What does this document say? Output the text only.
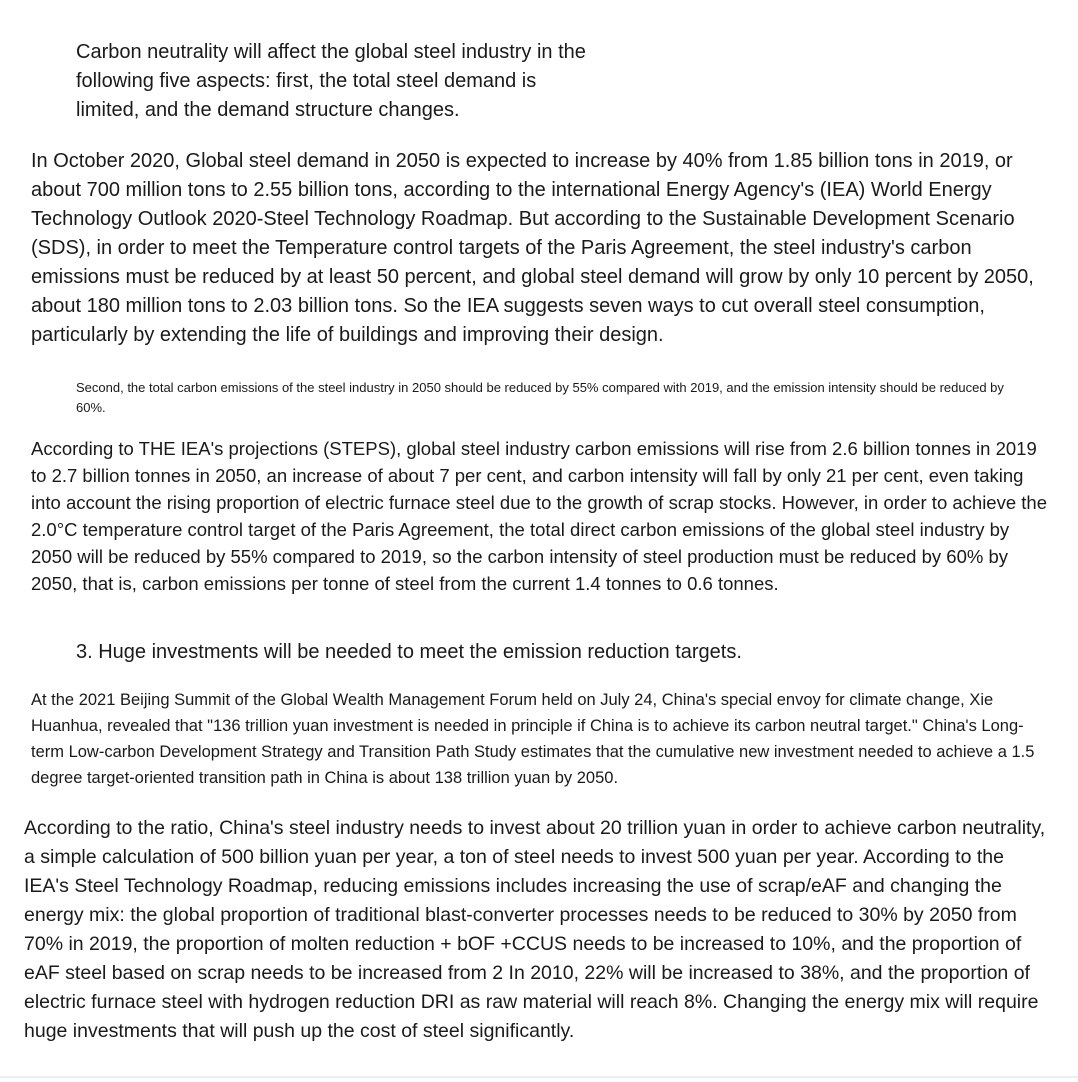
Carbon neutrality will affect the global steel industry in the following five aspects: first, the total steel demand is limited, and the demand structure changes.

In October 2020, Global steel demand in 2050 is expected to increase by 40% from 1.85 billion tons in 2019, or about 700 million tons to 2.55 billion tons, according to the international Energy Agency's (IEA) World Energy Technology Outlook 2020-Steel Technology Roadmap. But according to the Sustainable Development Scenario (SDS), in order to meet the Temperature control targets of the Paris Agreement, the steel industry's carbon emissions must be reduced by at least 50 percent, and global steel demand will grow by only 10 percent by 2050, about 180 million tons to 2.03 billion tons. So the IEA suggests seven ways to cut overall steel consumption, particularly by extending the life of buildings and improving their design.

Second, the total carbon emissions of the steel industry in 2050 should be reduced by 55% compared with 2019, and the emission intensity should be reduced by 60%.

According to THE IEA's projections (STEPS), global steel industry carbon emissions will rise from 2.6 billion tonnes in 2019 to 2.7 billion tonnes in 2050, an increase of about 7 per cent, and carbon intensity will fall by only 21 per cent, even taking into account the rising proportion of electric furnace steel due to the growth of scrap stocks. However, in order to achieve the 2.0°C temperature control target of the Paris Agreement, the total direct carbon emissions of the global steel industry by 2050 will be reduced by 55% compared to 2019, so the carbon intensity of steel production must be reduced by 60% by 2050, that is, carbon emissions per tonne of steel from the current 1.4 tonnes to 0.6 tonnes.

3. Huge investments will be needed to meet the emission reduction targets.

At the 2021 Beijing Summit of the Global Wealth Management Forum held on July 24, China's special envoy for climate change, Xie Huanhua, revealed that "136 trillion yuan investment is needed in principle if China is to achieve its carbon neutral target." China's Long-term Low-carbon Development Strategy and Transition Path Study estimates that the cumulative new investment needed to achieve a 1.5 degree target-oriented transition path in China is about 138 trillion yuan by 2050.

According to the ratio, China's steel industry needs to invest about 20 trillion yuan in order to achieve carbon neutrality, a simple calculation of 500 billion yuan per year, a ton of steel needs to invest 500 yuan per year. According to the IEA's Steel Technology Roadmap, reducing emissions includes increasing the use of scrap/eAF and changing the energy mix: the global proportion of traditional blast-converter processes needs to be reduced to 30% by 2050 from 70% in 2019, the proportion of molten reduction + bOF +CCUS needs to be increased to 10%, and the proportion of eAF steel based on scrap needs to be increased from 2 In 2010, 22% will be increased to 38%, and the proportion of electric furnace steel with hydrogen reduction DRI as raw material will reach 8%. Changing the energy mix will require huge investments that will push up the cost of steel significantly.
